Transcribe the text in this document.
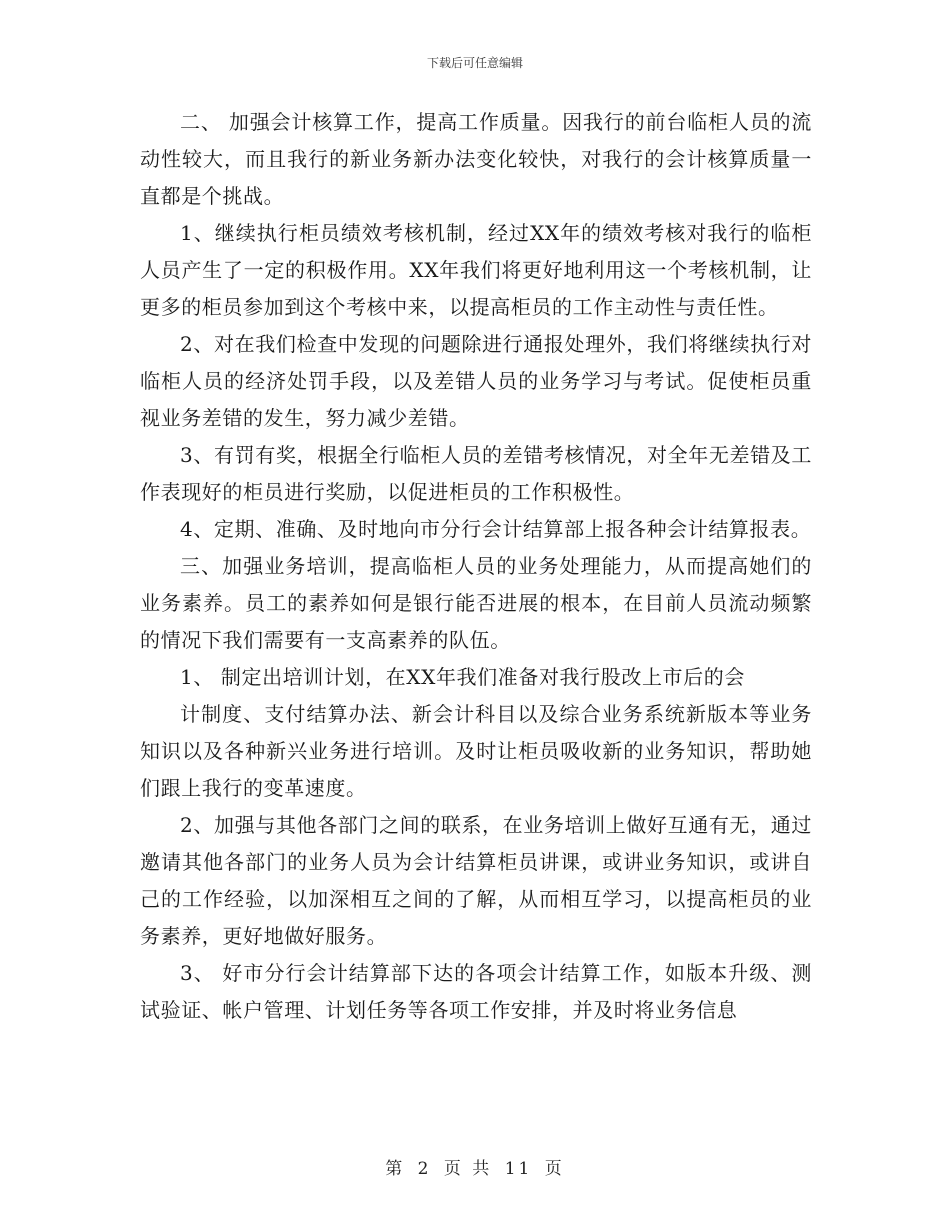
下载后可任意编辑

二、 加强会计核算工作，提高工作质量。因我行的前台临柜人员的流动性较大，而且我行的新业务新办法变化较快，对我行的会计核算质量一直都是个挑战。

1、继续执行柜员绩效考核机制，经过XX年的绩效考核对我行的临柜人员产生了一定的积极作用。XX年我们将更好地利用这一个考核机制，让更多的柜员参加到这个考核中来，以提高柜员的工作主动性与责任性。

2、对在我们检查中发现的问题除进行通报处理外，我们将继续执行对临柜人员的经济处罚手段，以及差错人员的业务学习与考试。促使柜员重视业务差错的发生，努力减少差错。

3、有罚有奖，根据全行临柜人员的差错考核情况，对全年无差错及工作表现好的柜员进行奖励，以促进柜员的工作积极性。

4、定期、准确、及时地向市分行会计结算部上报各种会计结算报表。

三、加强业务培训，提高临柜人员的业务处理能力，从而提高她们的业务素养。员工的素养如何是银行能否进展的根本，在目前人员流动频繁的情况下我们需要有一支高素养的队伍。

1、 制定出培训计划，在XX年我们准备对我行股改上市后的会

计制度、支付结算办法、新会计科目以及综合业务系统新版本等业务知识以及各种新兴业务进行培训。及时让柜员吸收新的业务知识，帮助她们跟上我行的变革速度。

2、加强与其他各部门之间的联系，在业务培训上做好互通有无，通过邀请其他各部门的业务人员为会计结算柜员讲课，或讲业务知识，或讲自己的工作经验，以加深相互之间的了解，从而相互学习，以提高柜员的业务素养，更好地做好服务。

3、 好市分行会计结算部下达的各项会计结算工作，如版本升级、测试验证、帐户管理、计划任务等各项工作安排，并及时将业务信息

第 2 页 共 11 页
